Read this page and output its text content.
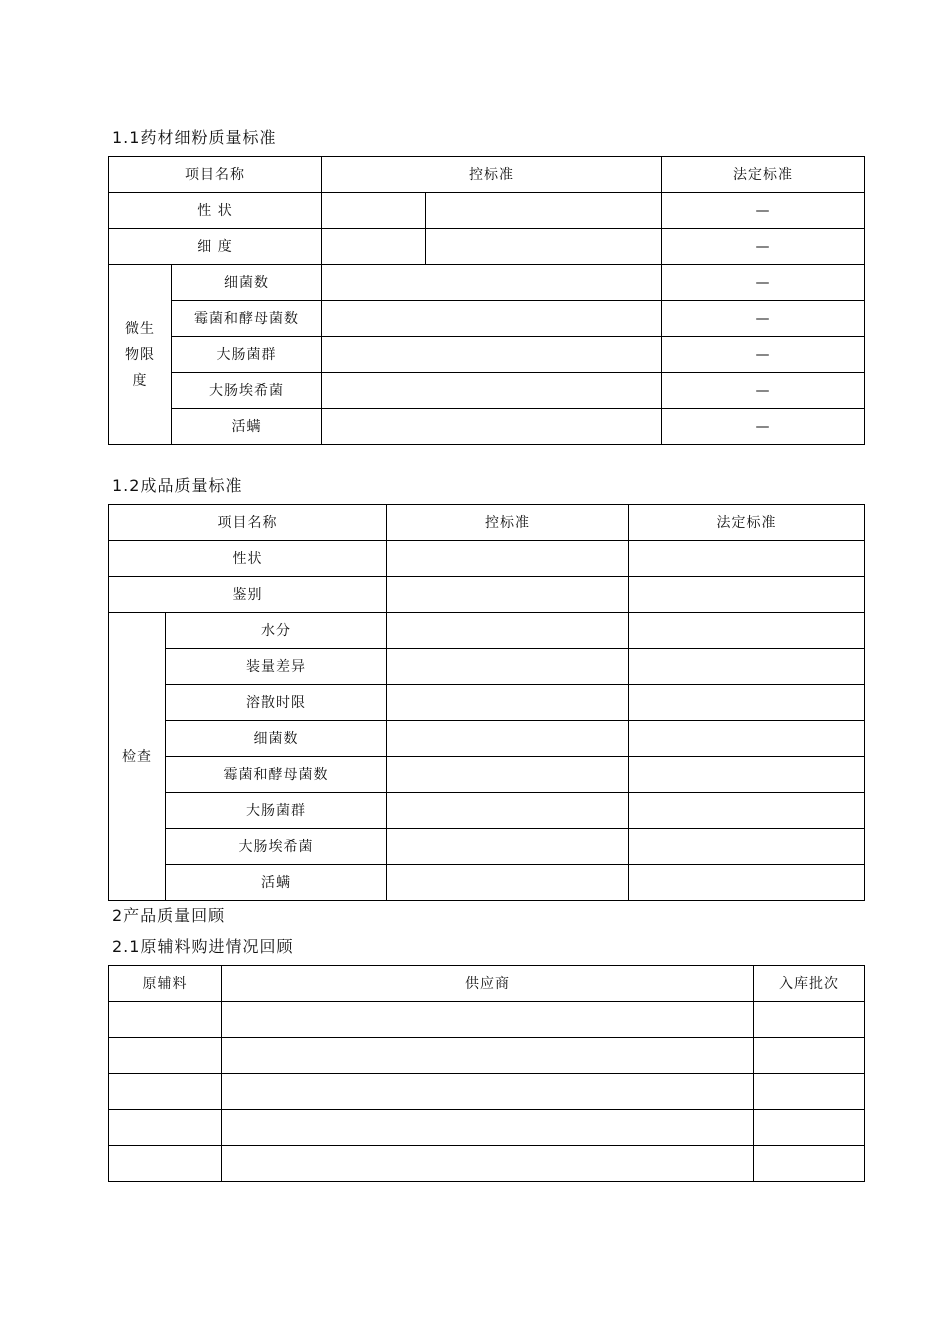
1.1药材细粉质量标准
项目名称		控标准		法定标准
性 状				—
细 度				—

微生
物限
度	细菌数			—
	霉菌和酵母菌数			—
	大肠菌群			—
	大肠埃希菌			—
	活螨			—
1.2成品质量标准
项目名称		控标准	法定标准
性状			
鉴别			
检查	水分		
	装量差异		
	溶散时限		
	细菌数		
	霉菌和酵母菌数		
	大肠菌群		
	大肠埃希菌		
	活螨		
2产品质量回顾
2.1原辅料购进情况回顾
原辅料	供应商	入库批次
